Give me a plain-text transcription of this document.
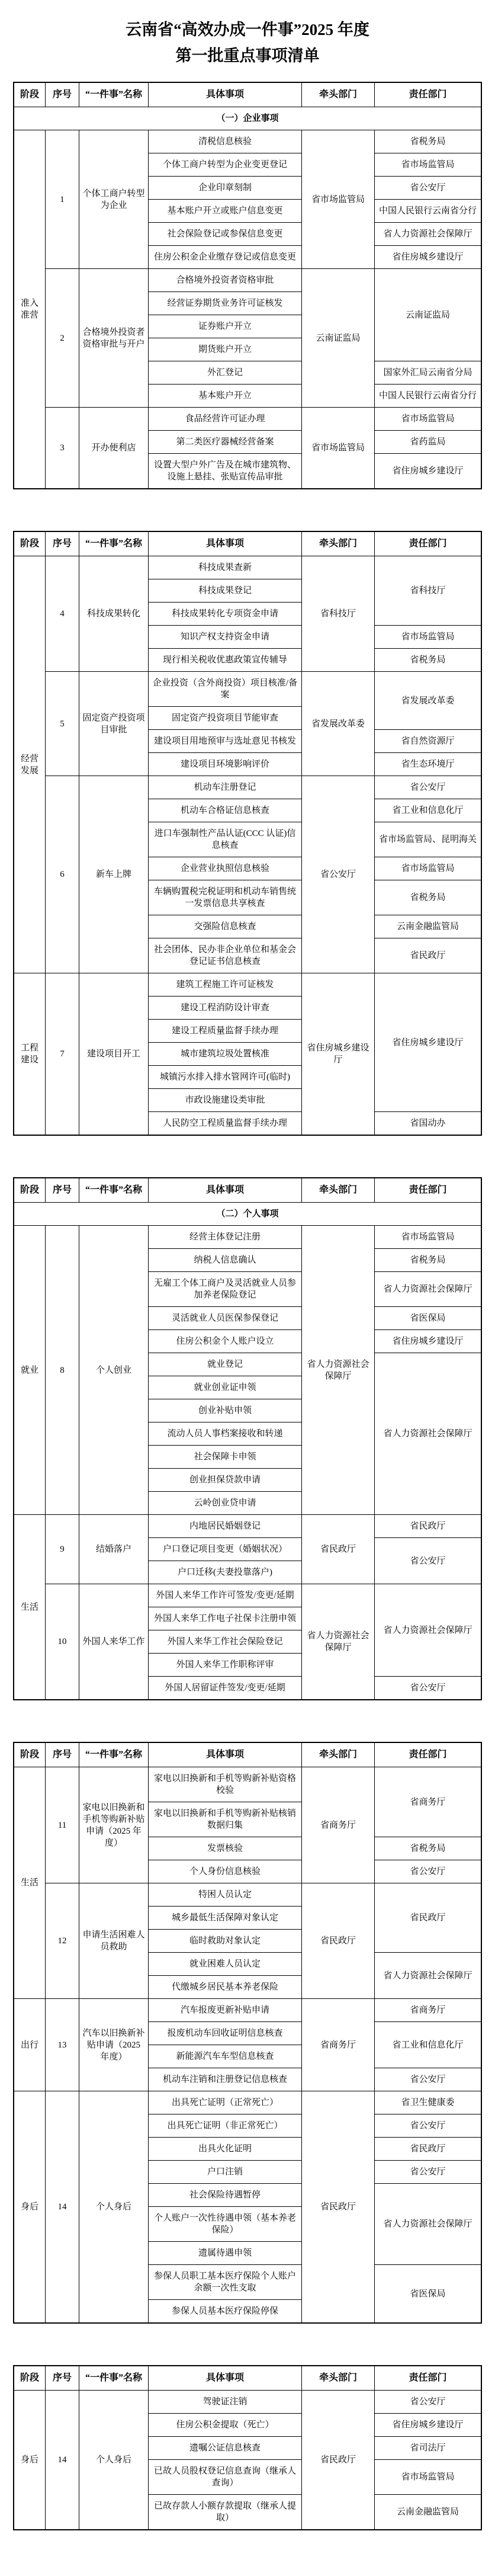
云南省“高效办成一件事”2025 年度
第一批重点事项清单
阶段	序号	“一件事”名称	具体事项	牵头部门	责任部门
（一）企业事项					
准入准营	1	个体工商户转型为企业	清税信息核验	省市场监管局	省税务局
			个体工商户转型为企业变更登记		省市场监管局
			企业印章刻制		省公安厅
			基本账户开立或账户信息变更		中国人民银行云南省分行
			社会保险登记或参保信息变更		省人力资源社会保障厅
			住房公积金企业缴存登记或信息变更		省住房城乡建设厅
	2	合格境外投资者资格审批与开户	合格境外投资者资格审批	云南证监局	云南证监局
			经营证券期货业务许可证核发		
			证券账户开立		
			期货账户开立		
			外汇登记		国家外汇局云南省分局
			基本账户开立		中国人民银行云南省分行
	3	开办便利店	食品经营许可证办理	省市场监管局	省市场监管局
			第二类医疗器械经营备案		省药监局
			设置大型户外广告及在城市建筑物、设施上悬挂、张贴宣传品审批		省住房城乡建设厅
阶段	序号	“一件事”名称	具体事项	牵头部门	责任部门
经营发展	4	科技成果转化	科技成果查新	省科技厅	省科技厅
			科技成果登记		
			科技成果转化专项资金申请		
			知识产权支持资金申请		省市场监管局
			现行相关税收优惠政策宣传辅导		省税务局
	5	固定资产投资项目审批	企业投资（含外商投资）项目核准/备案	省发展改革委	省发展改革委
			固定资产投资项目节能审查		
			建设项目用地预审与选址意见书核发		省自然资源厅
			建设项目环境影响评价		省生态环境厅
	6	新车上牌	机动车注册登记	省公安厅	省公安厅
			机动车合格证信息核查		省工业和信息化厅
			进口车强制性产品认证(CCC 认证)信息核查		省市场监管局、昆明海关
			企业营业执照信息核验		省市场监管局
			车辆购置税完税证明和机动车销售统一发票信息共享核查		省税务局
			交强险信息核查		云南金融监管局
			社会团体、民办非企业单位和基金会登记证书信息核查		省民政厅
工程建设	7	建设项目开工	建筑工程施工许可证核发	省住房城乡建设厅	省住房城乡建设厅
			建设工程消防设计审查		
			建设工程质量监督手续办理		
			城市建筑垃圾处置核准		
			城镇污水排入排水管网许可(临时)		
			市政设施建设类审批		
			人民防空工程质量监督手续办理		省国动办
阶段	序号	“一件事”名称	具体事项	牵头部门	责任部门
（二）个人事项					
就业	8	个人创业	经营主体登记注册	省人力资源社会保障厅	省市场监管局
			纳税人信息确认		省税务局
			无雇工个体工商户及灵活就业人员参加养老保险登记		省人力资源社会保障厅
			灵活就业人员医保参保登记		省医保局
			住房公积金个人账户设立		省住房城乡建设厅
			就业登记		省人力资源社会保障厅
			就业创业证申领		
			创业补贴申领		
			流动人员人事档案接收和转递		
			社会保障卡申领		
			创业担保贷款申请		
			云岭创业贷申请		
生活	9	结婚落户	内地居民婚姻登记	省民政厅	省民政厅
			户口登记项目变更（婚姻状况）		省公安厅
			户口迁移(夫妻投靠落户)		
	10	外国人来华工作	外国人来华工作许可签发/变更/延期	省人力资源社会保障厅	省人力资源社会保障厅
			外国人来华工作电子社保卡注册申领		
			外国人来华工作社会保险登记		
			外国人来华工作职称评审		
			外国人居留证件签发/变更/延期		省公安厅
阶段	序号	“一件事”名称	具体事项	牵头部门	责任部门
生活	11	家电以旧换新和手机等购新补贴申请（2025 年度）	家电以旧换新和手机等购新补贴资格校验	省商务厅	省商务厅
			家电以旧换新和手机等购新补贴核销数据归集		
			发票核验		省税务局
			个人身份信息核验		省公安厅
	12	申请生活困难人员救助	特困人员认定	省民政厅	省民政厅
			城乡最低生活保障对象认定		
			临时救助对象认定		
			就业困难人员认定		省人力资源社会保障厅
			代缴城乡居民基本养老保险		
出行	13	汽车以旧换新补贴申请（2025 年度）	汽车报废更新补贴申请	省商务厅	省商务厅
			报废机动车回收证明信息核查		省工业和信息化厅
			新能源汽车车型信息核查		
			机动车注销和注册登记信息核查		省公安厅
身后	14	个人身后	出具死亡证明（正常死亡）	省民政厅	省卫生健康委
			出具死亡证明（非正常死亡）		省公安厅
			出具火化证明		省民政厅
			户口注销		省公安厅
			社会保险待遇暂停		省人力资源社会保障厅
			个人账户一次性待遇申领（基本养老保险）		
			遗属待遇申领		
			参保人员职工基本医疗保险个人账户余额一次性支取		省医保局
			参保人员基本医疗保险停保		
阶段	序号	“一件事”名称	具体事项	牵头部门	责任部门
身后	14	个人身后	驾驶证注销	省民政厅	省公安厅
			住房公积金提取（死亡）		省住房城乡建设厅
			遗嘱公证信息核查		省司法厅
			已故人员股权登记信息查询（继承人查询）		省市场监管局
			已故存款人小额存款提取（继承人提取）		云南金融监管局
